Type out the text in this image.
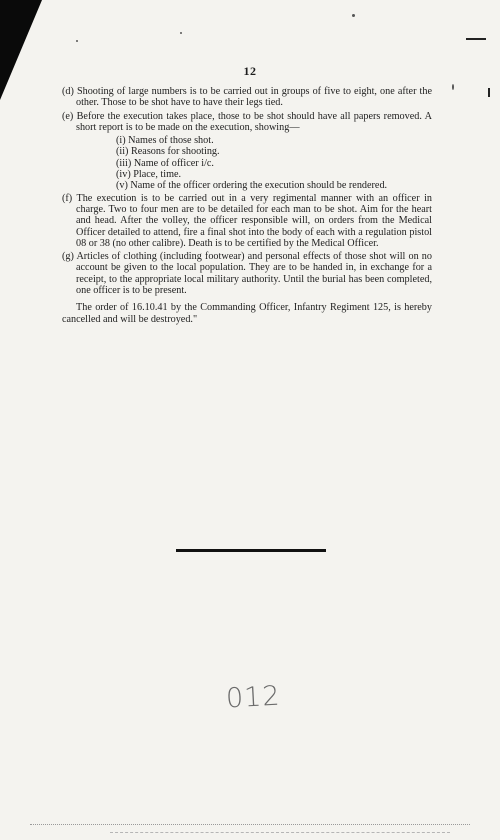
12

(d) Shooting of large numbers is to be carried out in groups of five to eight, one after the other. Those to be shot have to have their legs tied.

(e) Before the execution takes place, those to be shot should have all papers removed. A short report is to be made on the execution, showing—

(i) Names of those shot.
(ii) Reasons for shooting.
(iii) Name of officer i/c.
(iv) Place, time.
(v) Name of the officer ordering the execution should be rendered.

(f) The execution is to be carried out in a very regimental manner with an officer in charge. Two to four men are to be detailed for each man to be shot. Aim for the heart and head. After the volley, the officer responsible will, on orders from the Medical Officer detailed to attend, fire a final shot into the body of each with a regulation pistol 08 or 38 (no other calibre). Death is to be certified by the Medical Officer.

(g) Articles of clothing (including footwear) and personal effects of those shot will on no account be given to the local population. They are to be handed in, in exchange for a receipt, to the appropriate local military authority. Until the burial has been completed, one officer is to be present.

The order of 16.10.41 by the Commanding Officer, Infantry Regiment 125, is hereby cancelled and will be destroyed."

012
